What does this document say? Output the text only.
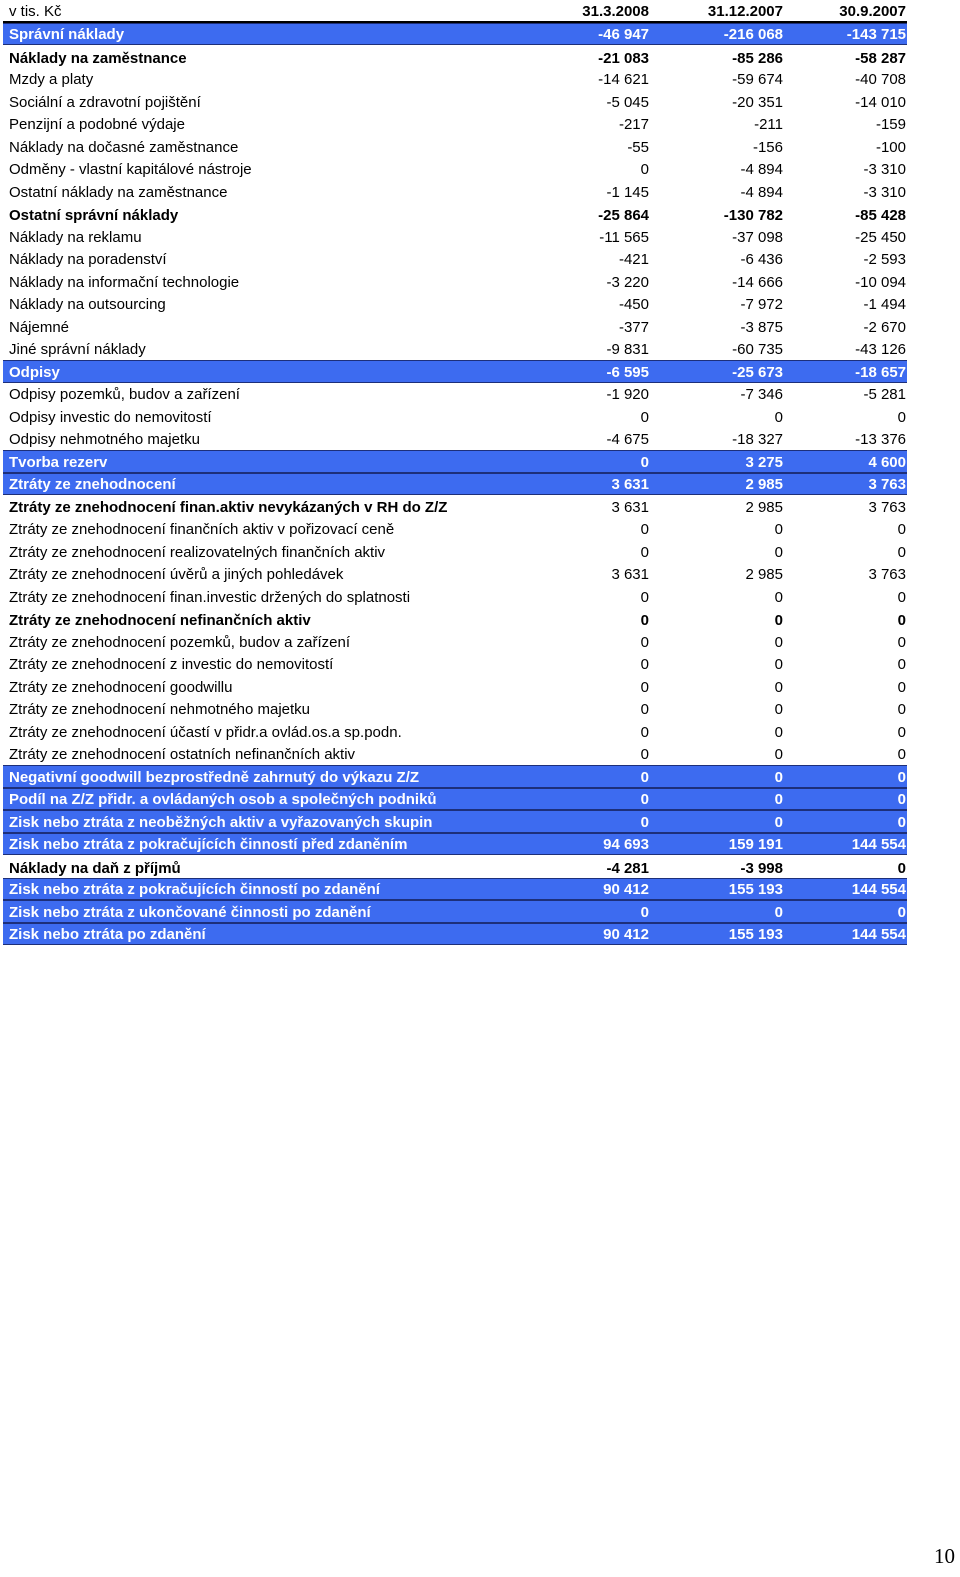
v tis. Kč	31.3.2008	31.12.2007	30.9.2007
Správní náklady	-46 947	-216 068	-143 715
Náklady na zaměstnance	-21 083	-85 286	-58 287
Mzdy a platy	-14 621	-59 674	-40 708
Sociální a zdravotní pojištění	-5 045	-20 351	-14 010
Penzijní a podobné výdaje	-217	-211	-159
Náklady na dočasné zaměstnance	-55	-156	-100
Odměny - vlastní kapitálové nástroje	0	-4 894	-3 310
Ostatní náklady na zaměstnance	-1 145	-4 894	-3 310
Ostatní správní náklady	-25 864	-130 782	-85 428
Náklady na reklamu	-11 565	-37 098	-25 450
Náklady na poradenství	-421	-6 436	-2 593
Náklady na informační technologie	-3 220	-14 666	-10 094
Náklady na outsourcing	-450	-7 972	-1 494
Nájemné	-377	-3 875	-2 670
Jiné správní náklady	-9 831	-60 735	-43 126
Odpisy	-6 595	-25 673	-18 657
Odpisy pozemků, budov a zařízení	-1 920	-7 346	-5 281
Odpisy investic do nemovitostí	0	0	0
Odpisy nehmotného majetku	-4 675	-18 327	-13 376
Tvorba rezerv	0	3 275	4 600
Ztráty ze znehodnocení	3 631	2 985	3 763
Ztráty ze znehodnocení finan.aktiv nevykázaných v RH do Z/Z	3 631	2 985	3 763
Ztráty ze znehodnocení finančních aktiv v pořizovací ceně	0	0	0
Ztráty ze znehodnocení realizovatelných finančních aktiv	0	0	0
Ztráty ze znehodnocení úvěrů a jiných pohledávek	3 631	2 985	3 763
Ztráty ze znehodnocení finan.investic držených do splatnosti	0	0	0
Ztráty ze znehodnocení nefinančních aktiv	0	0	0
Ztráty ze znehodnocení pozemků, budov a zařízení	0	0	0
Ztráty ze znehodnocení z investic do nemovitostí	0	0	0
Ztráty ze znehodnocení goodwillu	0	0	0
Ztráty ze znehodnocení nehmotného majetku	0	0	0
Ztráty ze znehodnocení účastí v přidr.a ovlád.os.a sp.podn.	0	0	0
Ztráty ze znehodnocení ostatních nefinančních aktiv	0	0	0
Negativní goodwill bezprostředně zahrnutý do výkazu Z/Z	0	0	0
Podíl na Z/Z přidr. a ovládaných osob a společných podniků	0	0	0
Zisk nebo ztráta z neoběžných aktiv a vyřazovaných skupin	0	0	0
Zisk nebo ztráta z pokračujících činností před zdaněním	94 693	159 191	144 554
Náklady na daň z příjmů	-4 281	-3 998	0
Zisk nebo ztráta z pokračujících činností po zdanění	90 412	155 193	144 554
Zisk nebo ztráta z ukončované činnosti po zdanění	0	0	0
Zisk nebo ztráta po zdanění	90 412	155 193	144 554
10
